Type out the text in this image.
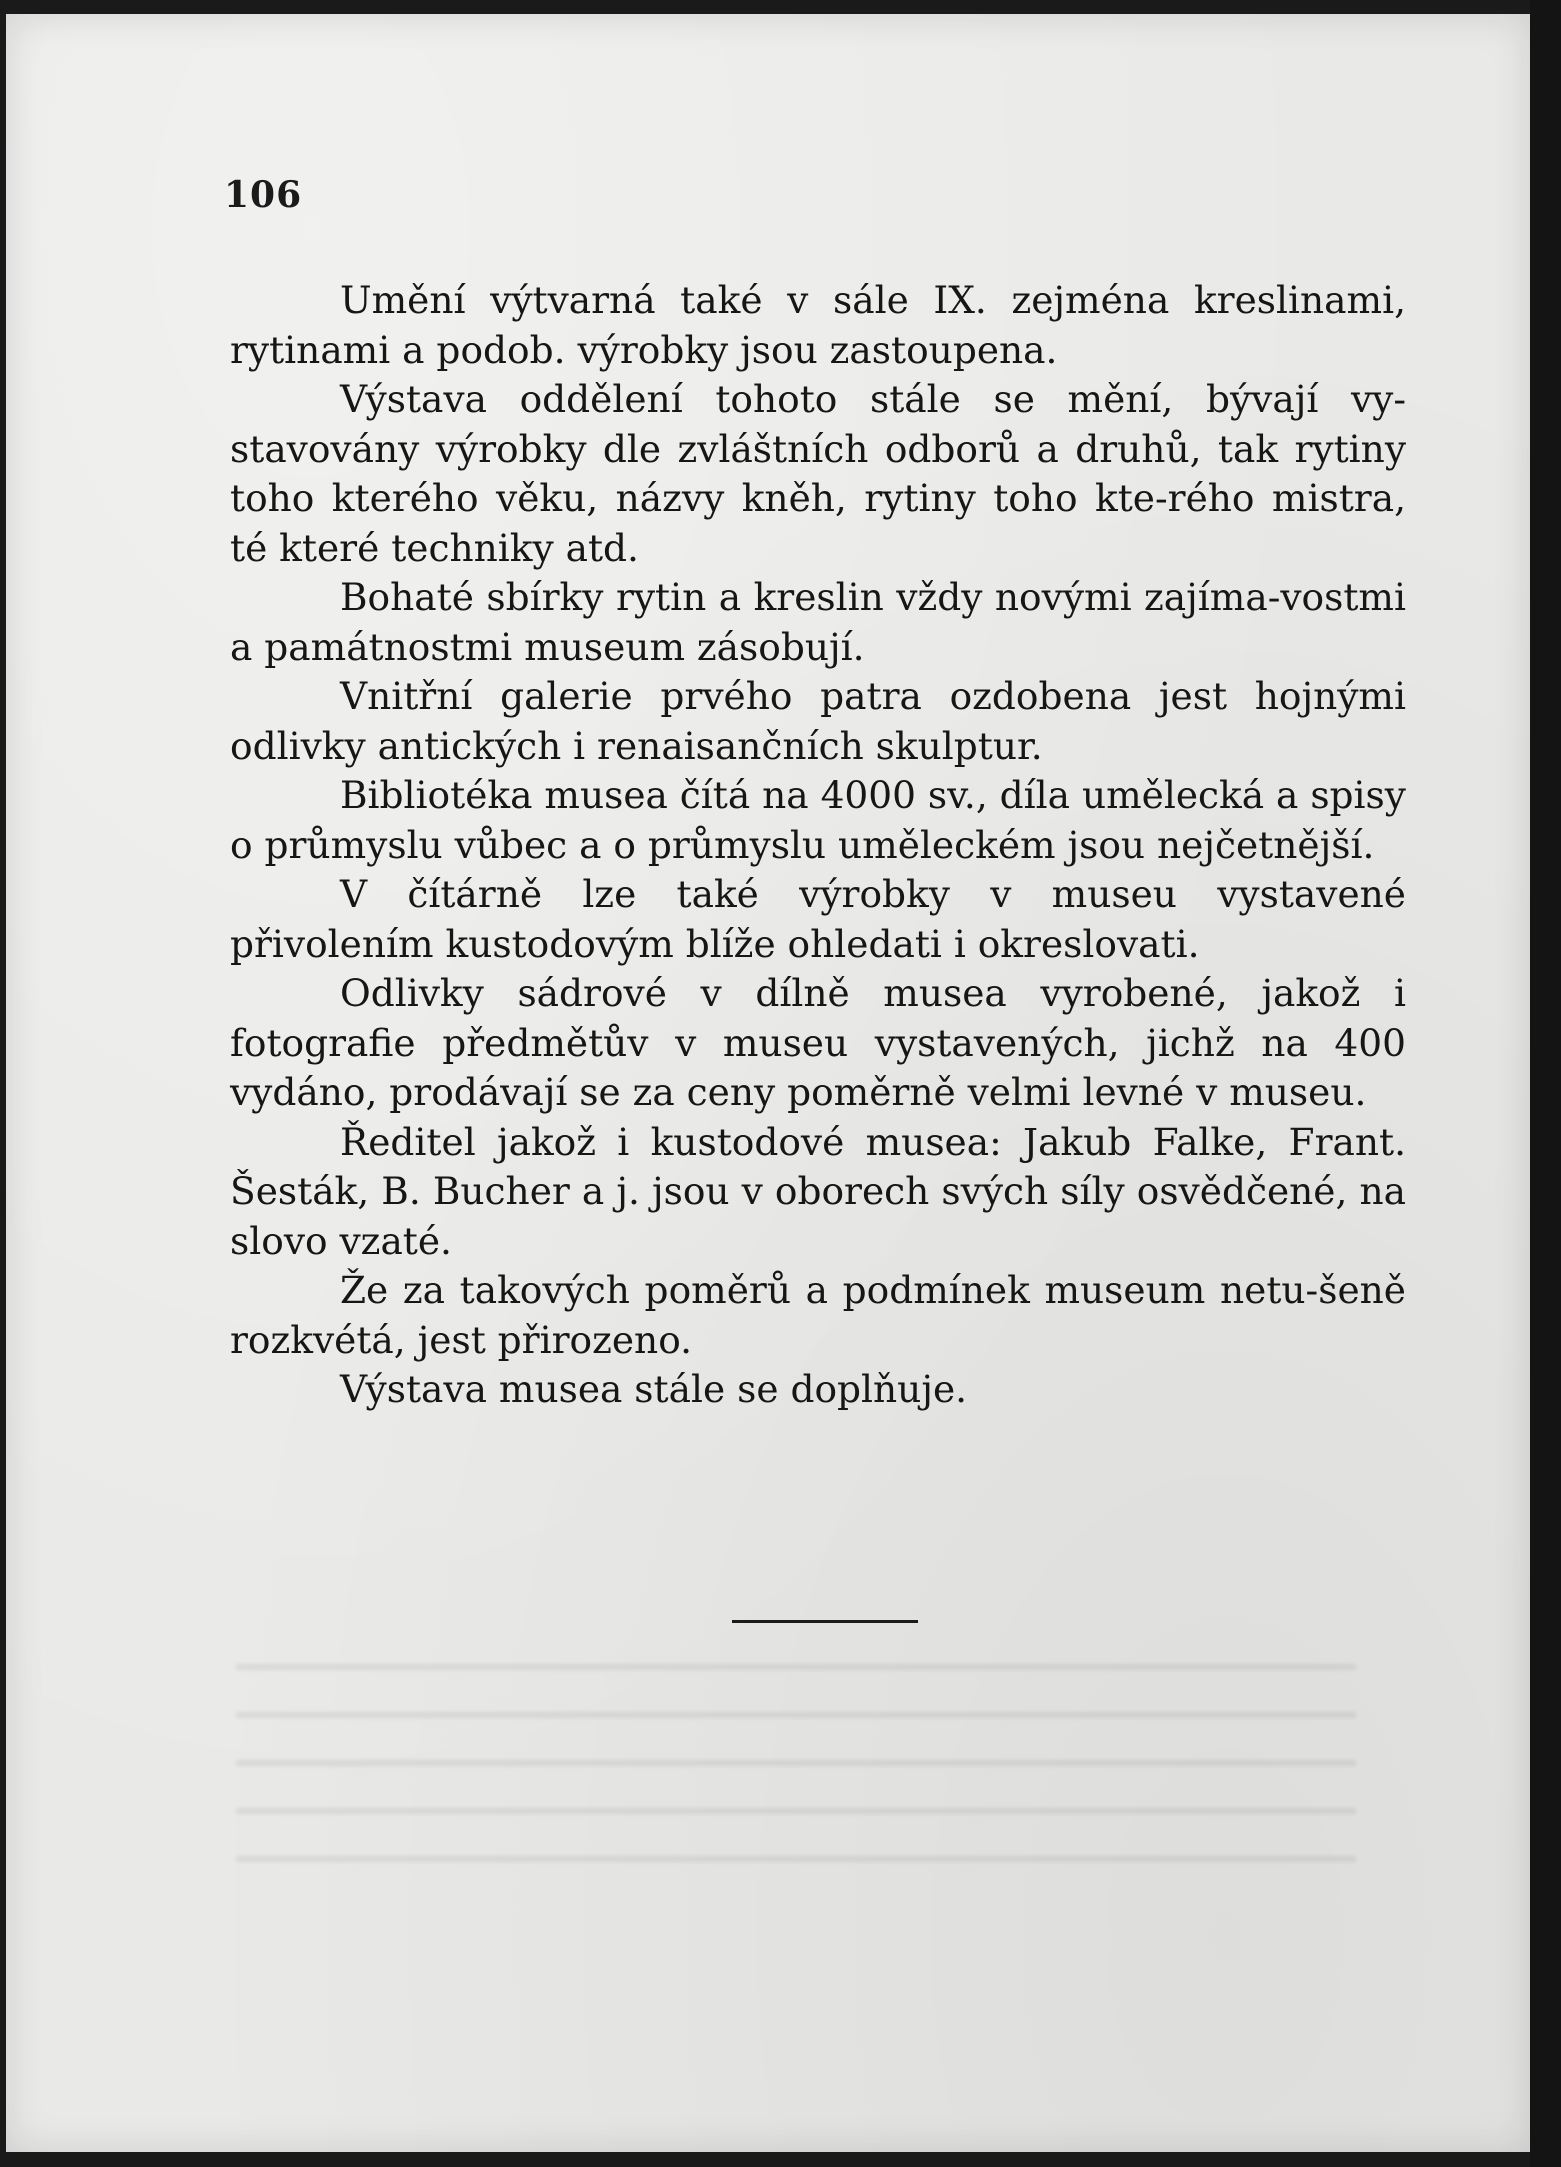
106

Umění výtvarná také v sále IX. zejména kreslinami, rytinami a podob. výrobky jsou zastoupena.

Výstava oddělení tohoto stále se mění, bývají vy-stavovány výrobky dle zvláštních odborů a druhů, tak rytiny toho kterého věku, názvy kněh, rytiny toho kte-rého mistra, té které techniky atd.

Bohaté sbírky rytin a kreslin vždy novými zajíma-vostmi a památnostmi museum zásobují.

Vnitřní galerie prvého patra ozdobena jest hojnými odlivky antických i renaisančních skulptur.

Bibliotéka musea čítá na 4000 sv., díla umělecká a spisy o průmyslu vůbec a o průmyslu uměleckém jsou nejčetnější.

V čítárně lze také výrobky v museu vystavené přivolením kustodovým blíže ohledati i okreslovati.

Odlivky sádrové v dílně musea vyrobené, jakož i fotografie předmětův v museu vystavených, jichž na 400 vydáno, prodávají se za ceny poměrně velmi levné v museu.

Ředitel jakož i kustodové musea: Jakub Falke, Frant. Šesták, B. Bucher a j. jsou v oborech svých síly osvědčené, na slovo vzaté.

Že za takových poměrů a podmínek museum netu-šeně rozkvétá, jest přirozeno.

Výstava musea stále se doplňuje.
